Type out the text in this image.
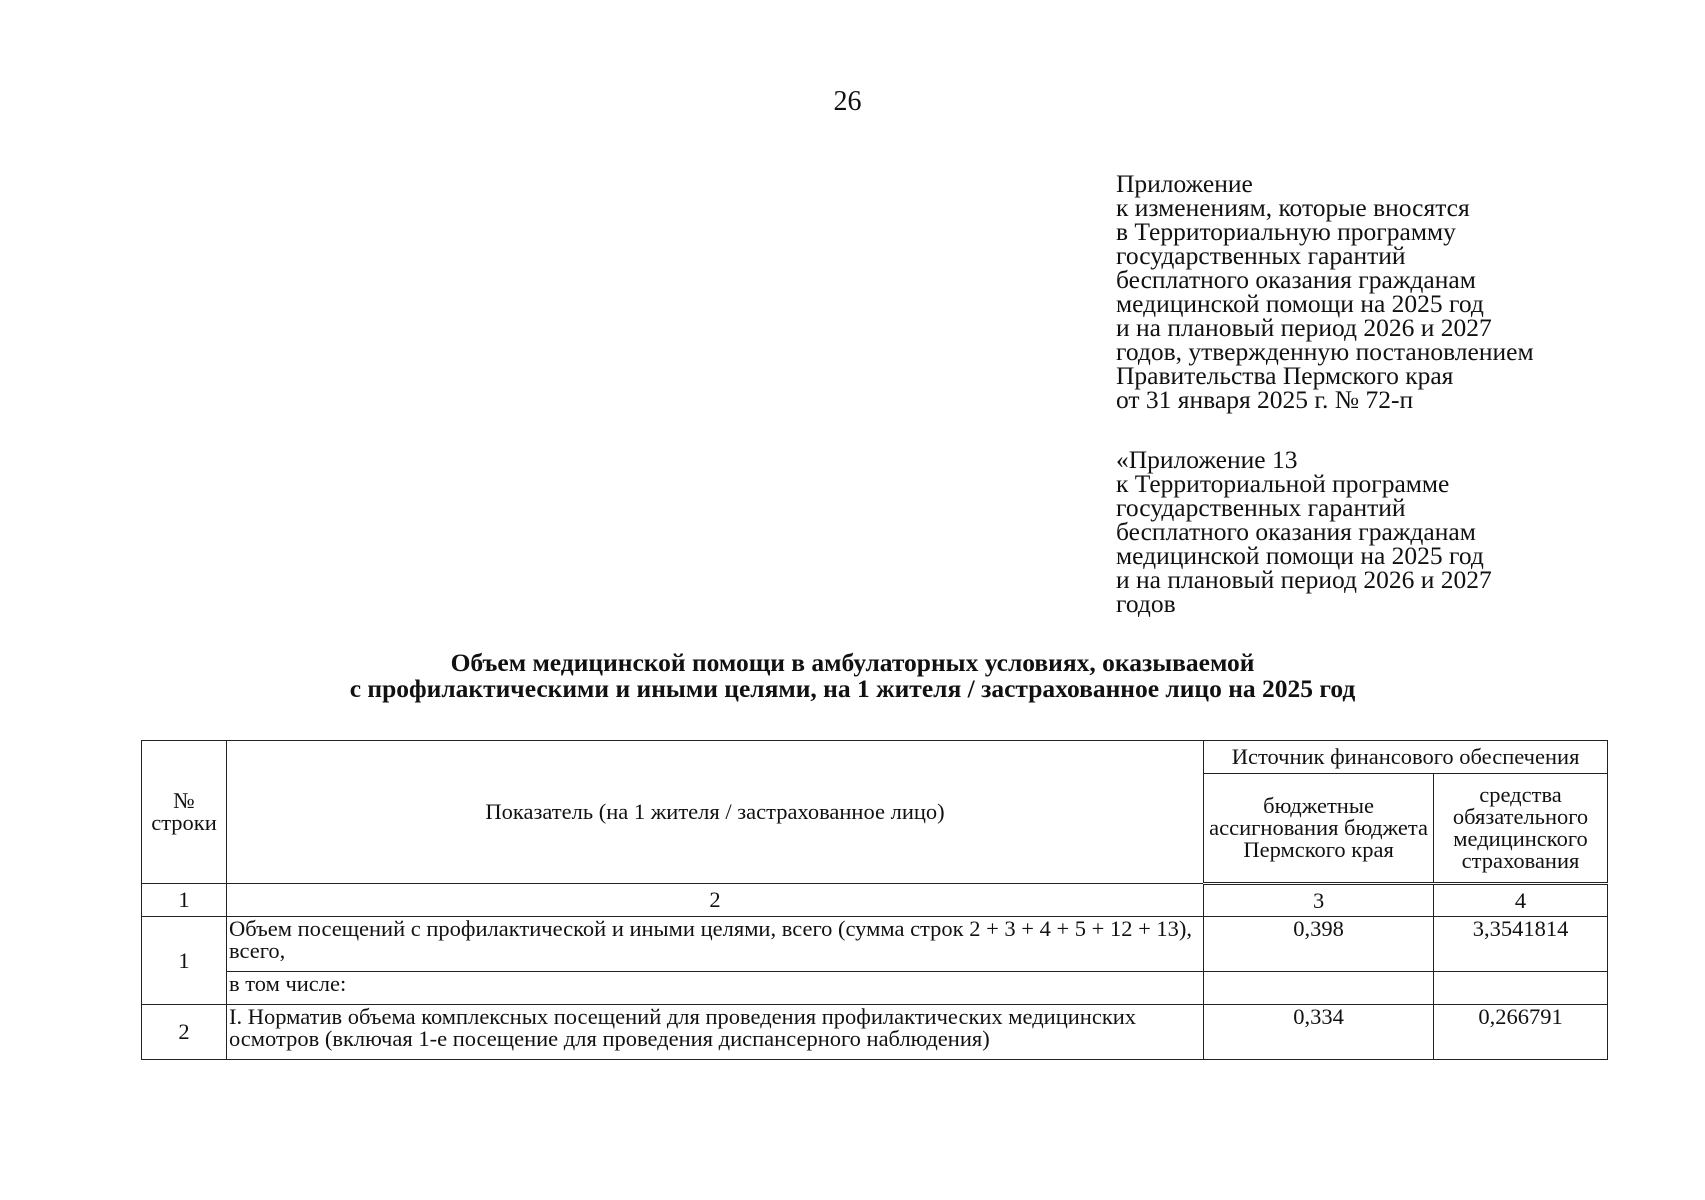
26
Приложение
к изменениям, которые вносятся
в Территориальную программу
государственных гарантий
бесплатного оказания гражданам
медицинской помощи на 2025 год
и на плановый период 2026 и 2027
годов, утвержденную постановлением
Правительства Пермского края
от 31 января 2025 г. № 72-п
«Приложение 13
к Территориальной программе
государственных гарантий
бесплатного оказания гражданам
медицинской помощи на 2025 год
и на плановый период 2026 и 2027
годов
Объем медицинской помощи в амбулаторных условиях, оказываемой
с профилактическими и иными целями, на 1 жителя / застрахованное лицо на 2025 год
№ строки	Показатель (на 1 жителя / застрахованное лицо)	Источник финансового обеспечения	
		бюджетные ассигнования бюджета Пермского края	средства обязательного медицинского страхования
1	2	3	4
1	Объем посещений с профилактической и иными целями, всего (сумма строк 2 + 3 + 4 + 5 + 12 + 13), всего,	0,398	3,3541814
	в том числе:		
2	I. Норматив объема комплексных посещений для проведения профилактических медицинских осмотров (включая 1-е посещение для проведения диспансерного наблюдения)	0,334	0,266791
